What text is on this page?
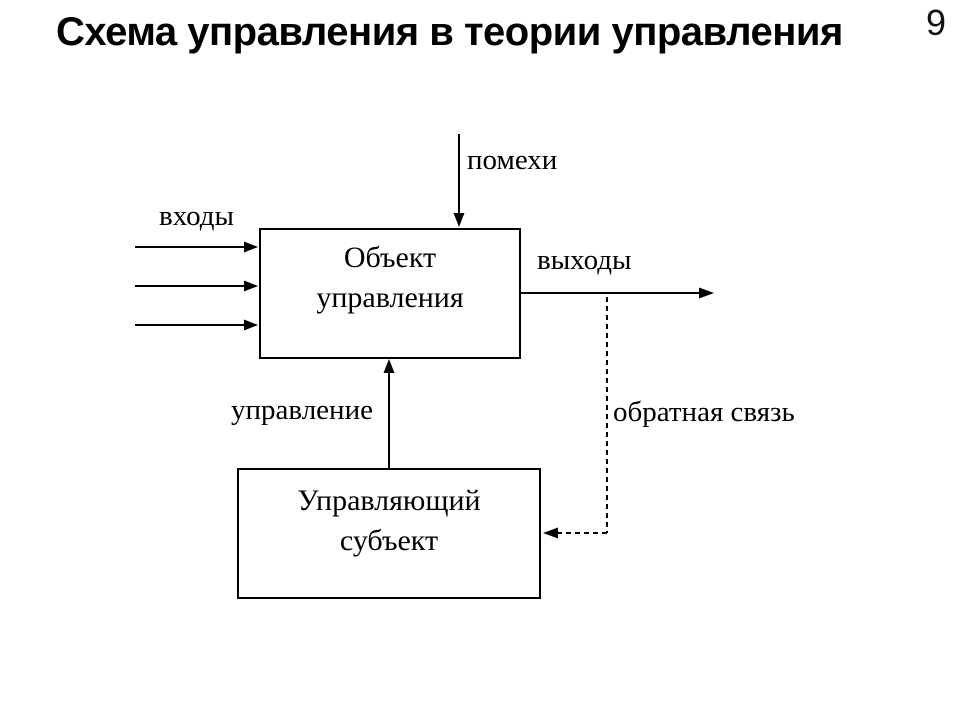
Схема управления в теории управления	9
Объект
управления
Управляющий
субъект
входы
помехи
выходы
управление	обратная связь
